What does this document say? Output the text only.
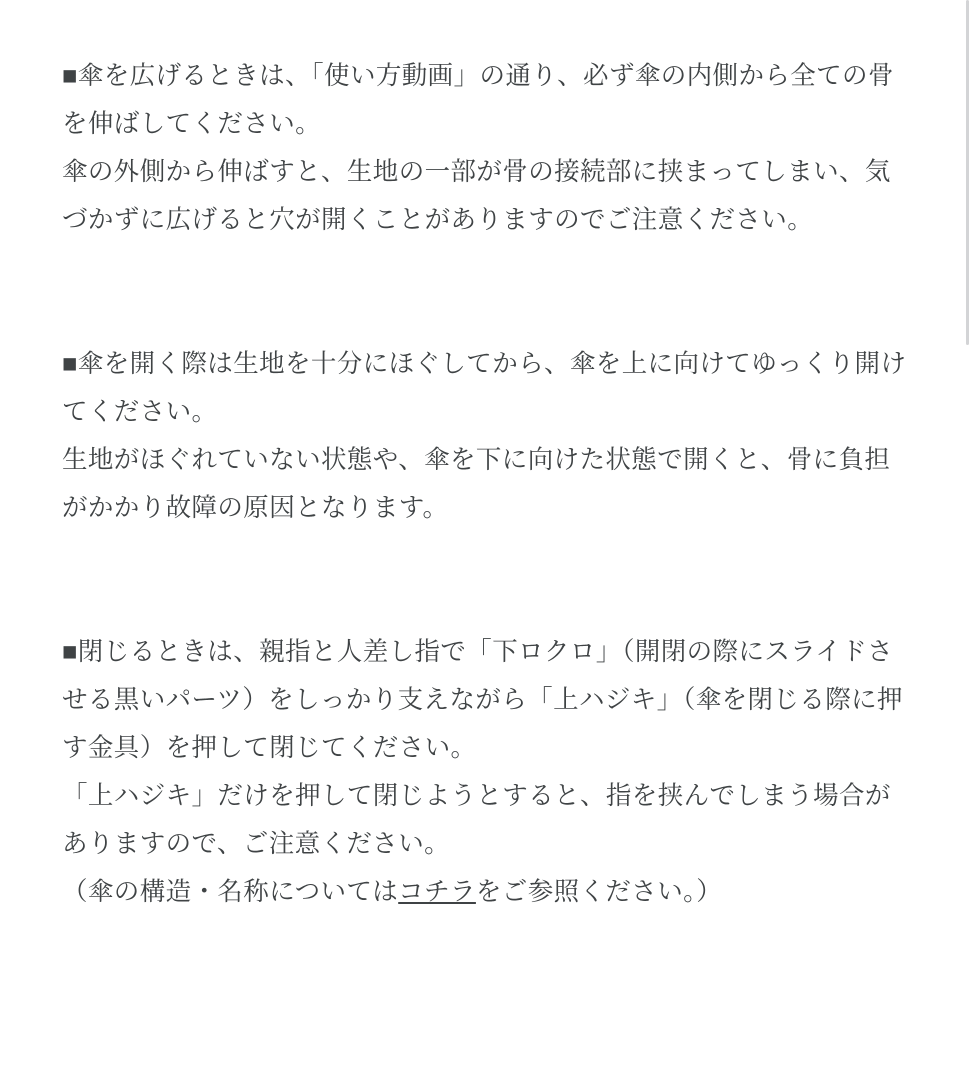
■傘を広げるときは、「使い方動画」の通り、必ず傘の内側から全ての骨を伸ばしてください。

傘の外側から伸ばすと、生地の一部が骨の接続部に挟まってしまい、気づかずに広げると穴が開くことがありますのでご注意ください。

■傘を開く際は生地を十分にほぐしてから、傘を上に向けてゆっくり開けてください。

生地がほぐれていない状態や、傘を下に向けた状態で開くと、骨に負担がかかり故障の原因となります。

■閉じるときは、親指と人差し指で「下ロクロ」（開閉の際にスライドさせる黒いパーツ）をしっかり支えながら「上ハジキ」（傘を閉じる際に押す金具）を押して閉じてください。

「上ハジキ」だけを押して閉じようとすると、指を挟んでしまう場合がありますので、ご注意ください。

（傘の構造・名称についてはコチラをご参照ください。）
